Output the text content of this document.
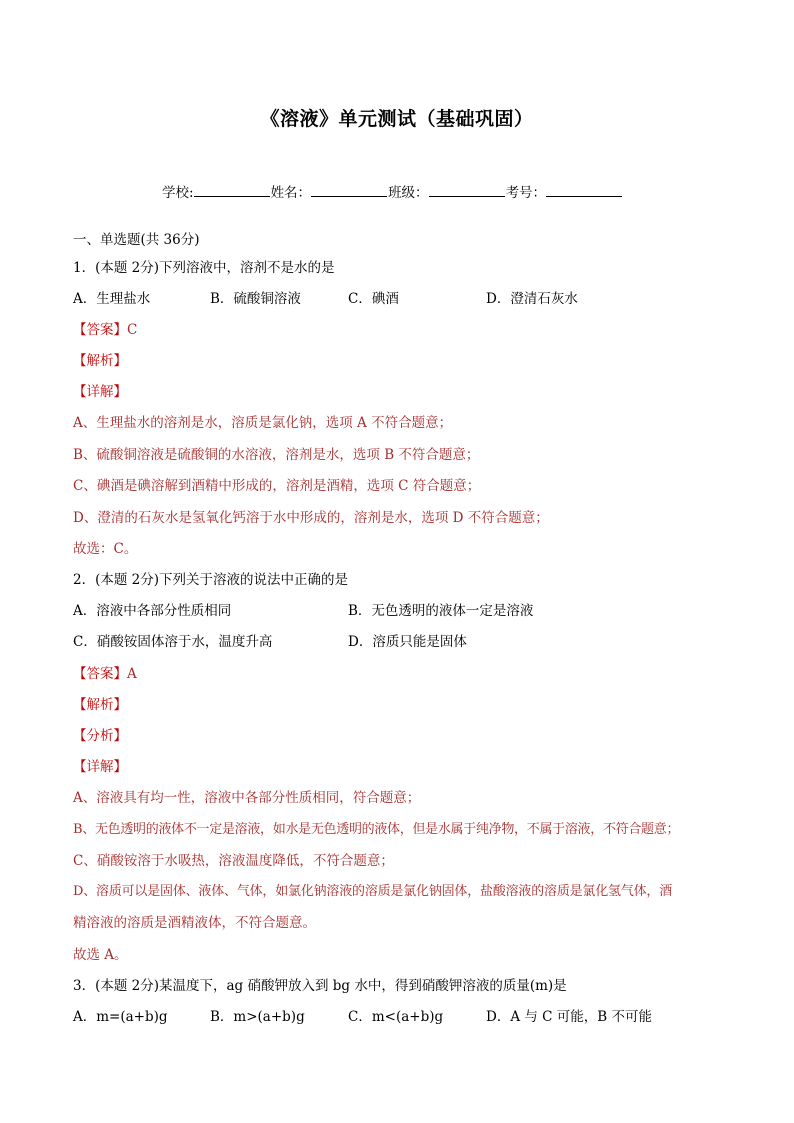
《溶液》单元测试（基础巩固）
学校:	姓名：	班级：	考号：
一、单选题(共 36分)
1．(本题 2分)下列溶液中，溶剂不是水的是
A．生理盐水	B．硫酸铜溶液	C．碘酒	D．澄清石灰水
【答案】C
【解析】
【详解】
A、生理盐水的溶剂是水，溶质是氯化钠，选项 A 不符合题意；
B、硫酸铜溶液是硫酸铜的水溶液，溶剂是水，选项 B 不符合题意；
C、碘酒是碘溶解到酒精中形成的，溶剂是酒精，选项 C 符合题意；
D、澄清的石灰水是氢氧化钙溶于水中形成的，溶剂是水，选项 D 不符合题意；
故选：C。
2．(本题 2分)下列关于溶液的说法中正确的是
A．溶液中各部分性质相同	B．无色透明的液体一定是溶液
C．硝酸铵固体溶于水，温度升高	D．溶质只能是固体
【答案】A
【解析】
【分析】
【详解】
A、溶液具有均一性，溶液中各部分性质相同，符合题意；
B、无色透明的液体不一定是溶液，如水是无色透明的液体，但是水属于纯净物，不属于溶液，不符合题意；
C、硝酸铵溶于水吸热，溶液温度降低，不符合题意；
D、溶质可以是固体、液体、气体，如氯化钠溶液的溶质是氯化钠固体，盐酸溶液的溶质是氯化氢气体，酒
精溶液的溶质是酒精液体，不符合题意。
故选 A。
3．(本题 2分)某温度下，ag 硝酸钾放入到 bg 水中，得到硝酸钾溶液的质量(m)是
A．m=(a+b)g	B．m>(a+b)g	C．m<(a+b)g	D．A 与 C 可能，B 不可能
